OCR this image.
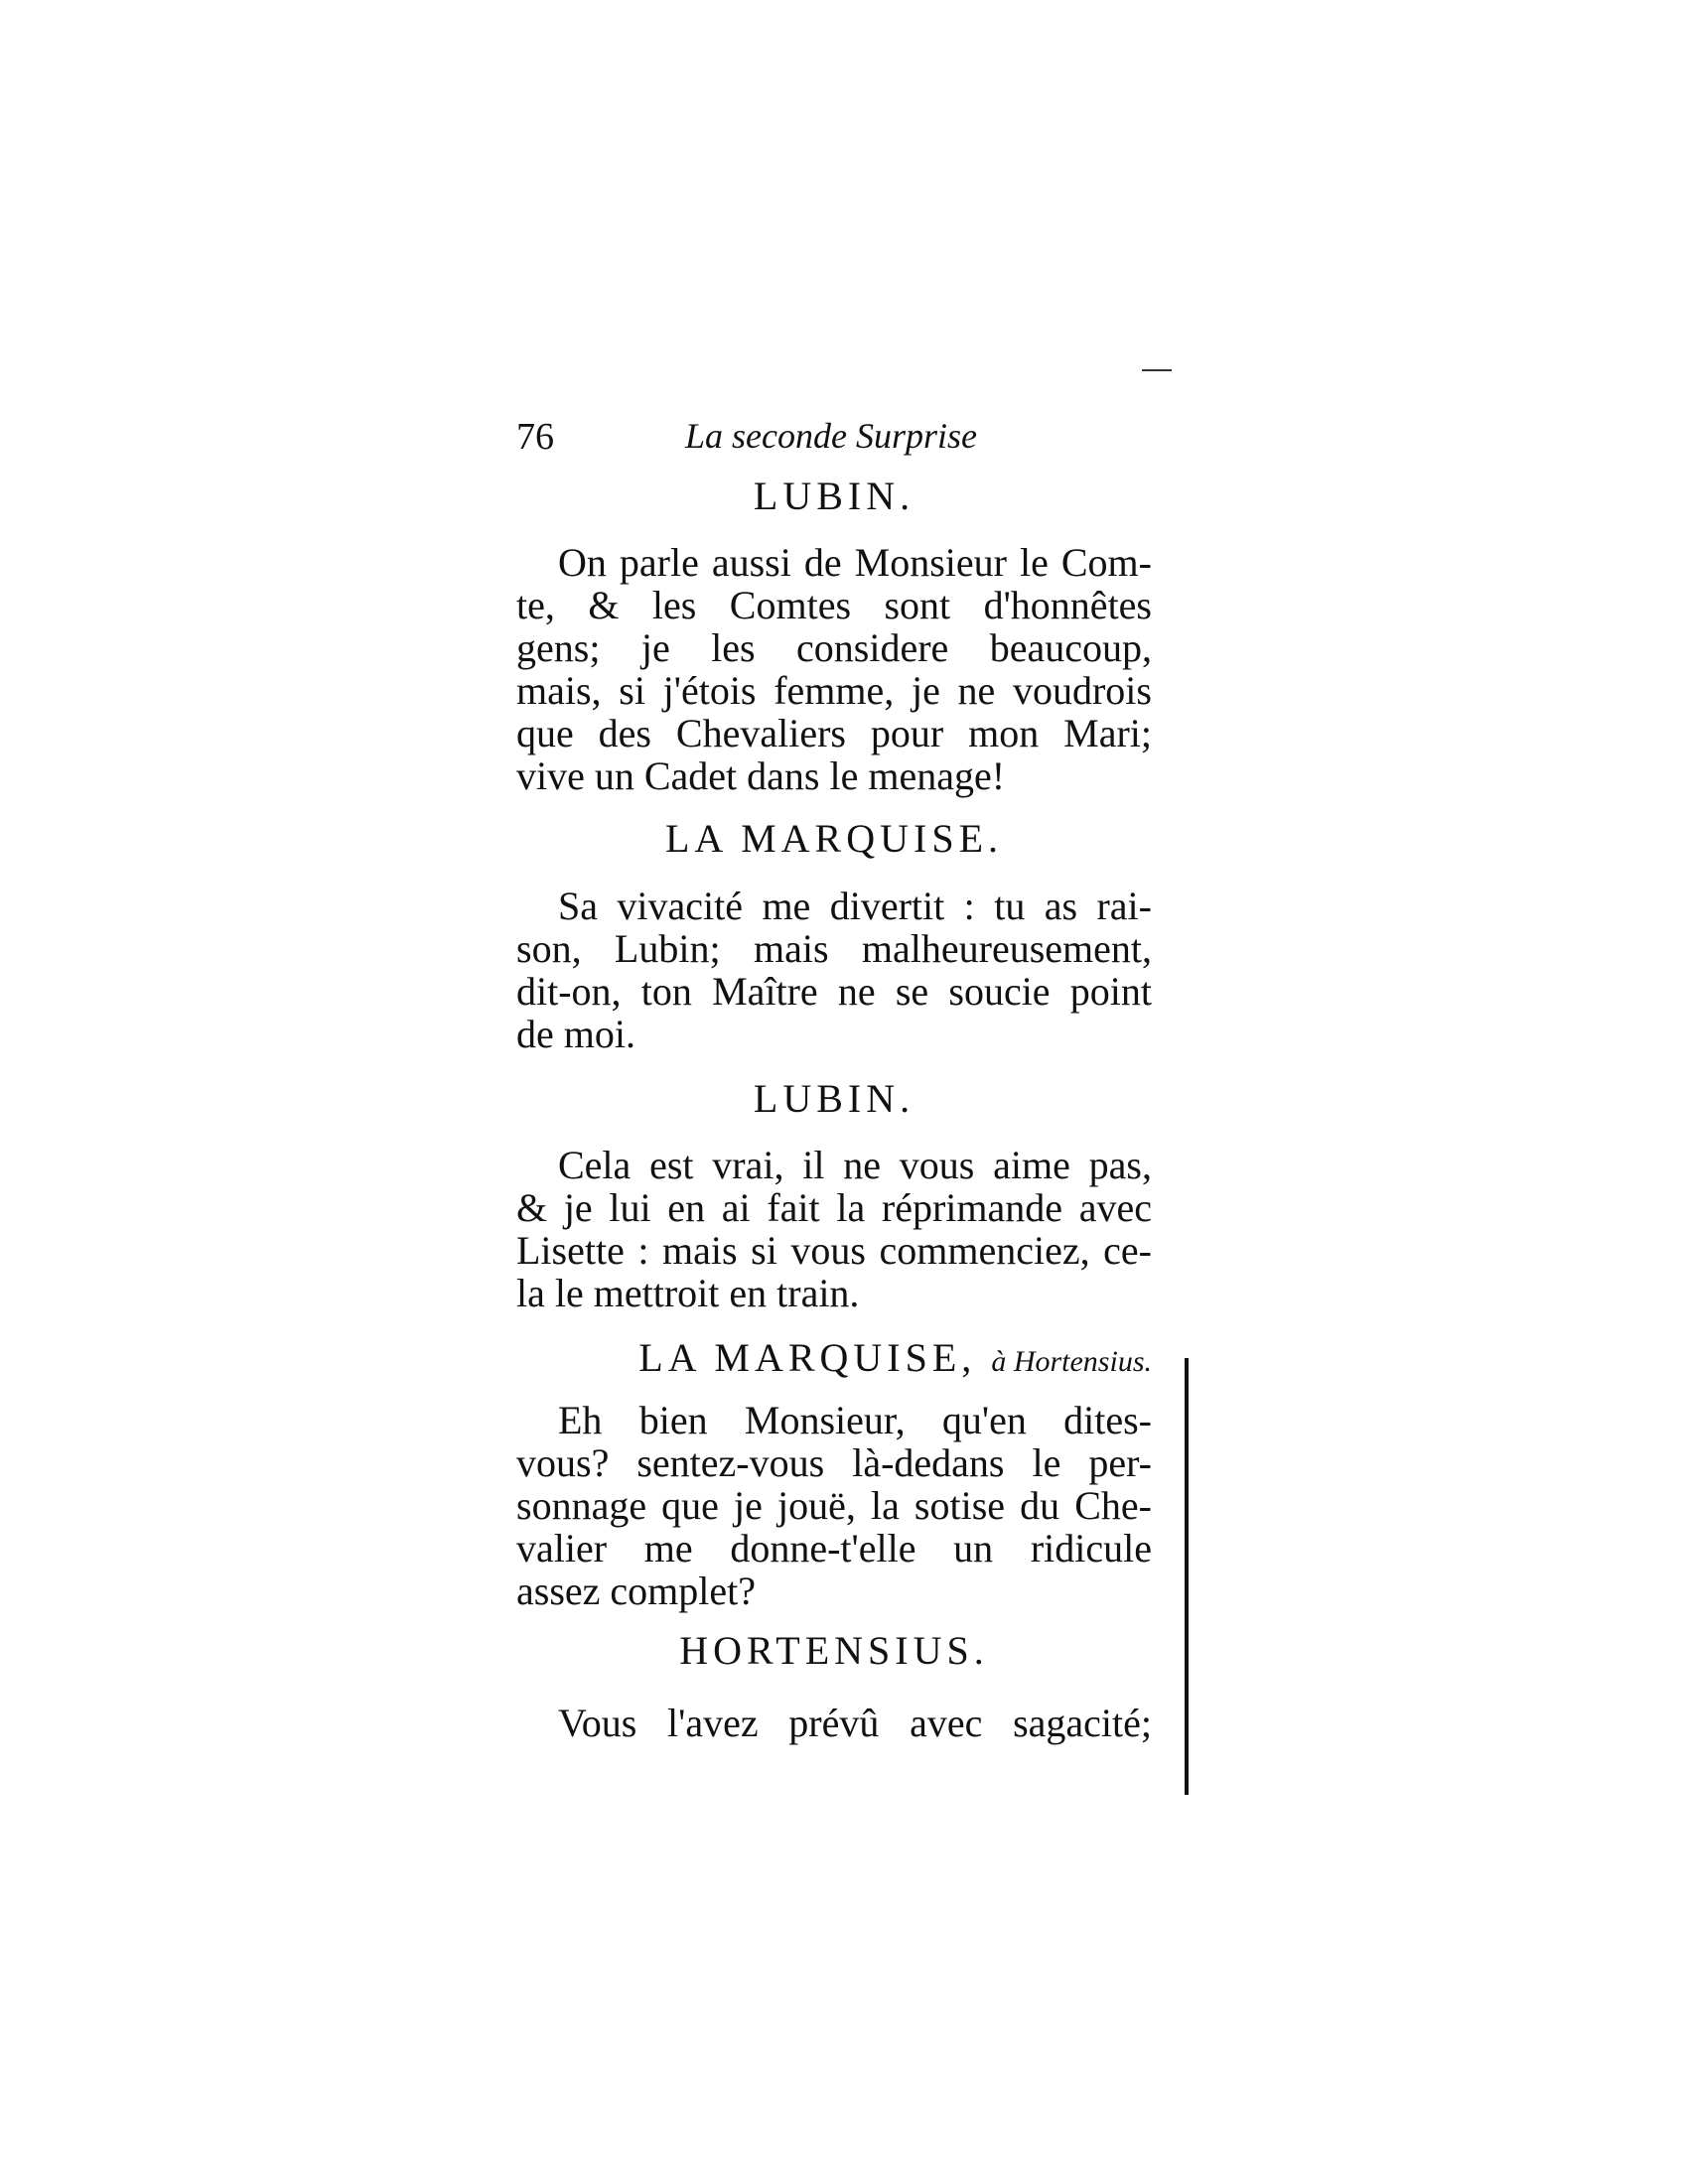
76	La seconde Surprise
LUBIN.
On parle aussi de Monsieur le Com-
te, & les Comtes sont d'honnêtes
gens; je les considere beaucoup,
mais, si j'étois femme, je ne voudrois
que des Chevaliers pour mon Mari;
vive un Cadet dans le menage!
LA MARQUISE.
Sa vivacité me divertit : tu as rai-
son, Lubin; mais malheureusement,
dit-on, ton Maître ne se soucie point
de moi.
LUBIN.
Cela est vrai, il ne vous aime pas,
& je lui en ai fait la réprimande avec
Lisette : mais si vous commenciez, ce-
la le mettroit en train.
LA MARQUISE, à Hortensius.
Eh bien Monsieur, qu'en dites-
vous? sentez-vous là-dedans le per-
sonnage que je jouë, la sotise du Che-
valier me donne-t'elle un ridicule
assez complet?
HORTENSIUS.
Vous l'avez prévû avec sagacité;
